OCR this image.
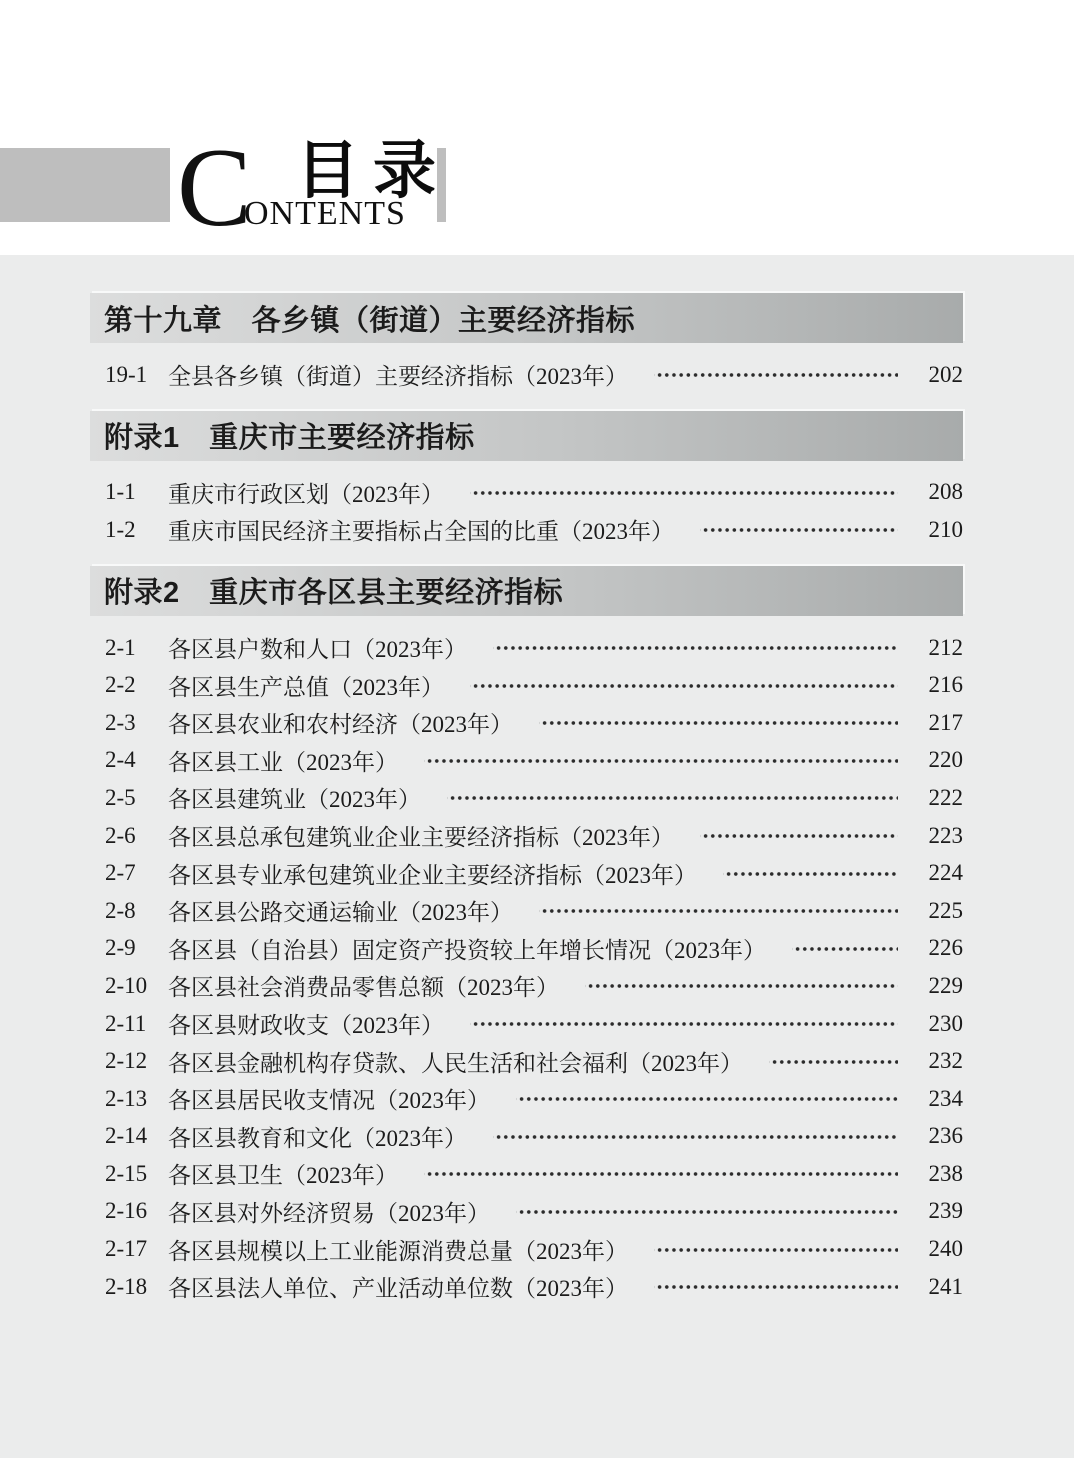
C
ONTENTS
目录
第十九章　各乡镇（街道）主要经济指标
19-1 全县各乡镇（街道）主要经济指标（2023年）	202
附录1　重庆市主要经济指标
1-1	重庆市行政区划（2023年）	208
1-2	重庆市国民经济主要指标占全国的比重（2023年）	210
附录2　重庆市各区县主要经济指标
2-1	各区县户数和人口（2023年）	212
2-2	各区县生产总值（2023年）	216
2-3	各区县农业和农村经济（2023年）	217
2-4	各区县工业（2023年）	220
2-5	各区县建筑业（2023年）	222
2-6	各区县总承包建筑业企业主要经济指标（2023年）	223
2-7	各区县专业承包建筑业企业主要经济指标（2023年）	224
2-8	各区县公路交通运输业（2023年）	225
2-9	各区县（自治县）固定资产投资较上年增长情况（2023年）	226
2-10 各区县社会消费品零售总额（2023年）	229
2-11 各区县财政收支（2023年）	230
2-12 各区县金融机构存贷款、人民生活和社会福利（2023年）	232
2-13 各区县居民收支情况（2023年）	234
2-14 各区县教育和文化（2023年）	236
2-15 各区县卫生（2023年）	238
2-16 各区县对外经济贸易（2023年）	239
2-17 各区县规模以上工业能源消费总量（2023年）	240
2-18 各区县法人单位、产业活动单位数（2023年）	241
